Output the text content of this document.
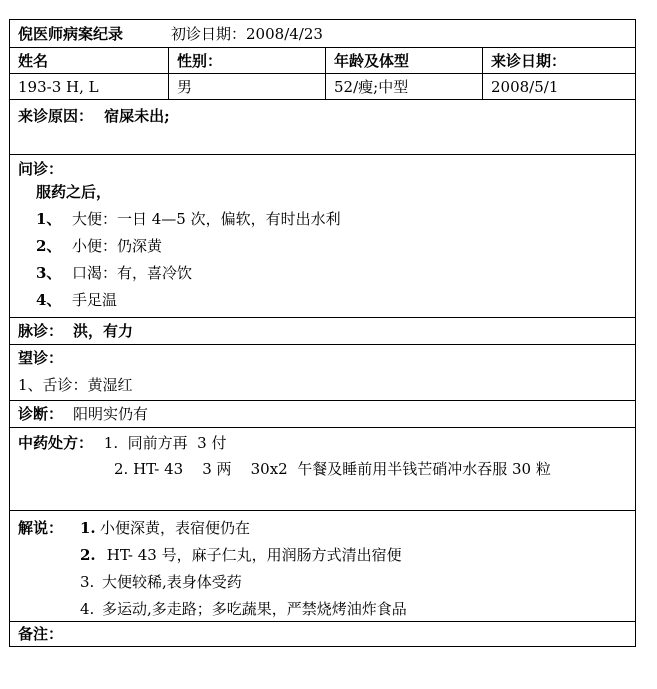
倪医师病案纪录	初诊日期：2008/4/23
姓名	性别：	年龄及体型	来诊日期：
193-3 H, L	男	52/瘦;中型	2008/5/1
来诊原因： 宿屎未出;
问诊：
服药之后，
1、 大便：一日 4—5 次，偏软，有时出水利
2、 小便：仍深黄
3、 口渴：有，喜冷饮
4、 手足温
脉诊： 洪，有力
望诊：
1、舌诊：黄湿红
诊断： 阳明实仍有
中药处方： 1.  同前方再  3 付
2. HT- 43    3 两    30x2  午餐及睡前用半钱芒硝冲水吞服 30 粒
解说：	1. 小便深黄，表宿便仍在
2. HT- 43 号，麻子仁丸，用润肠方式清出宿便
3. 大便较稀,表身体受药
4. 多运动,多走路；多吃蔬果，严禁烧烤油炸食品
备注：
